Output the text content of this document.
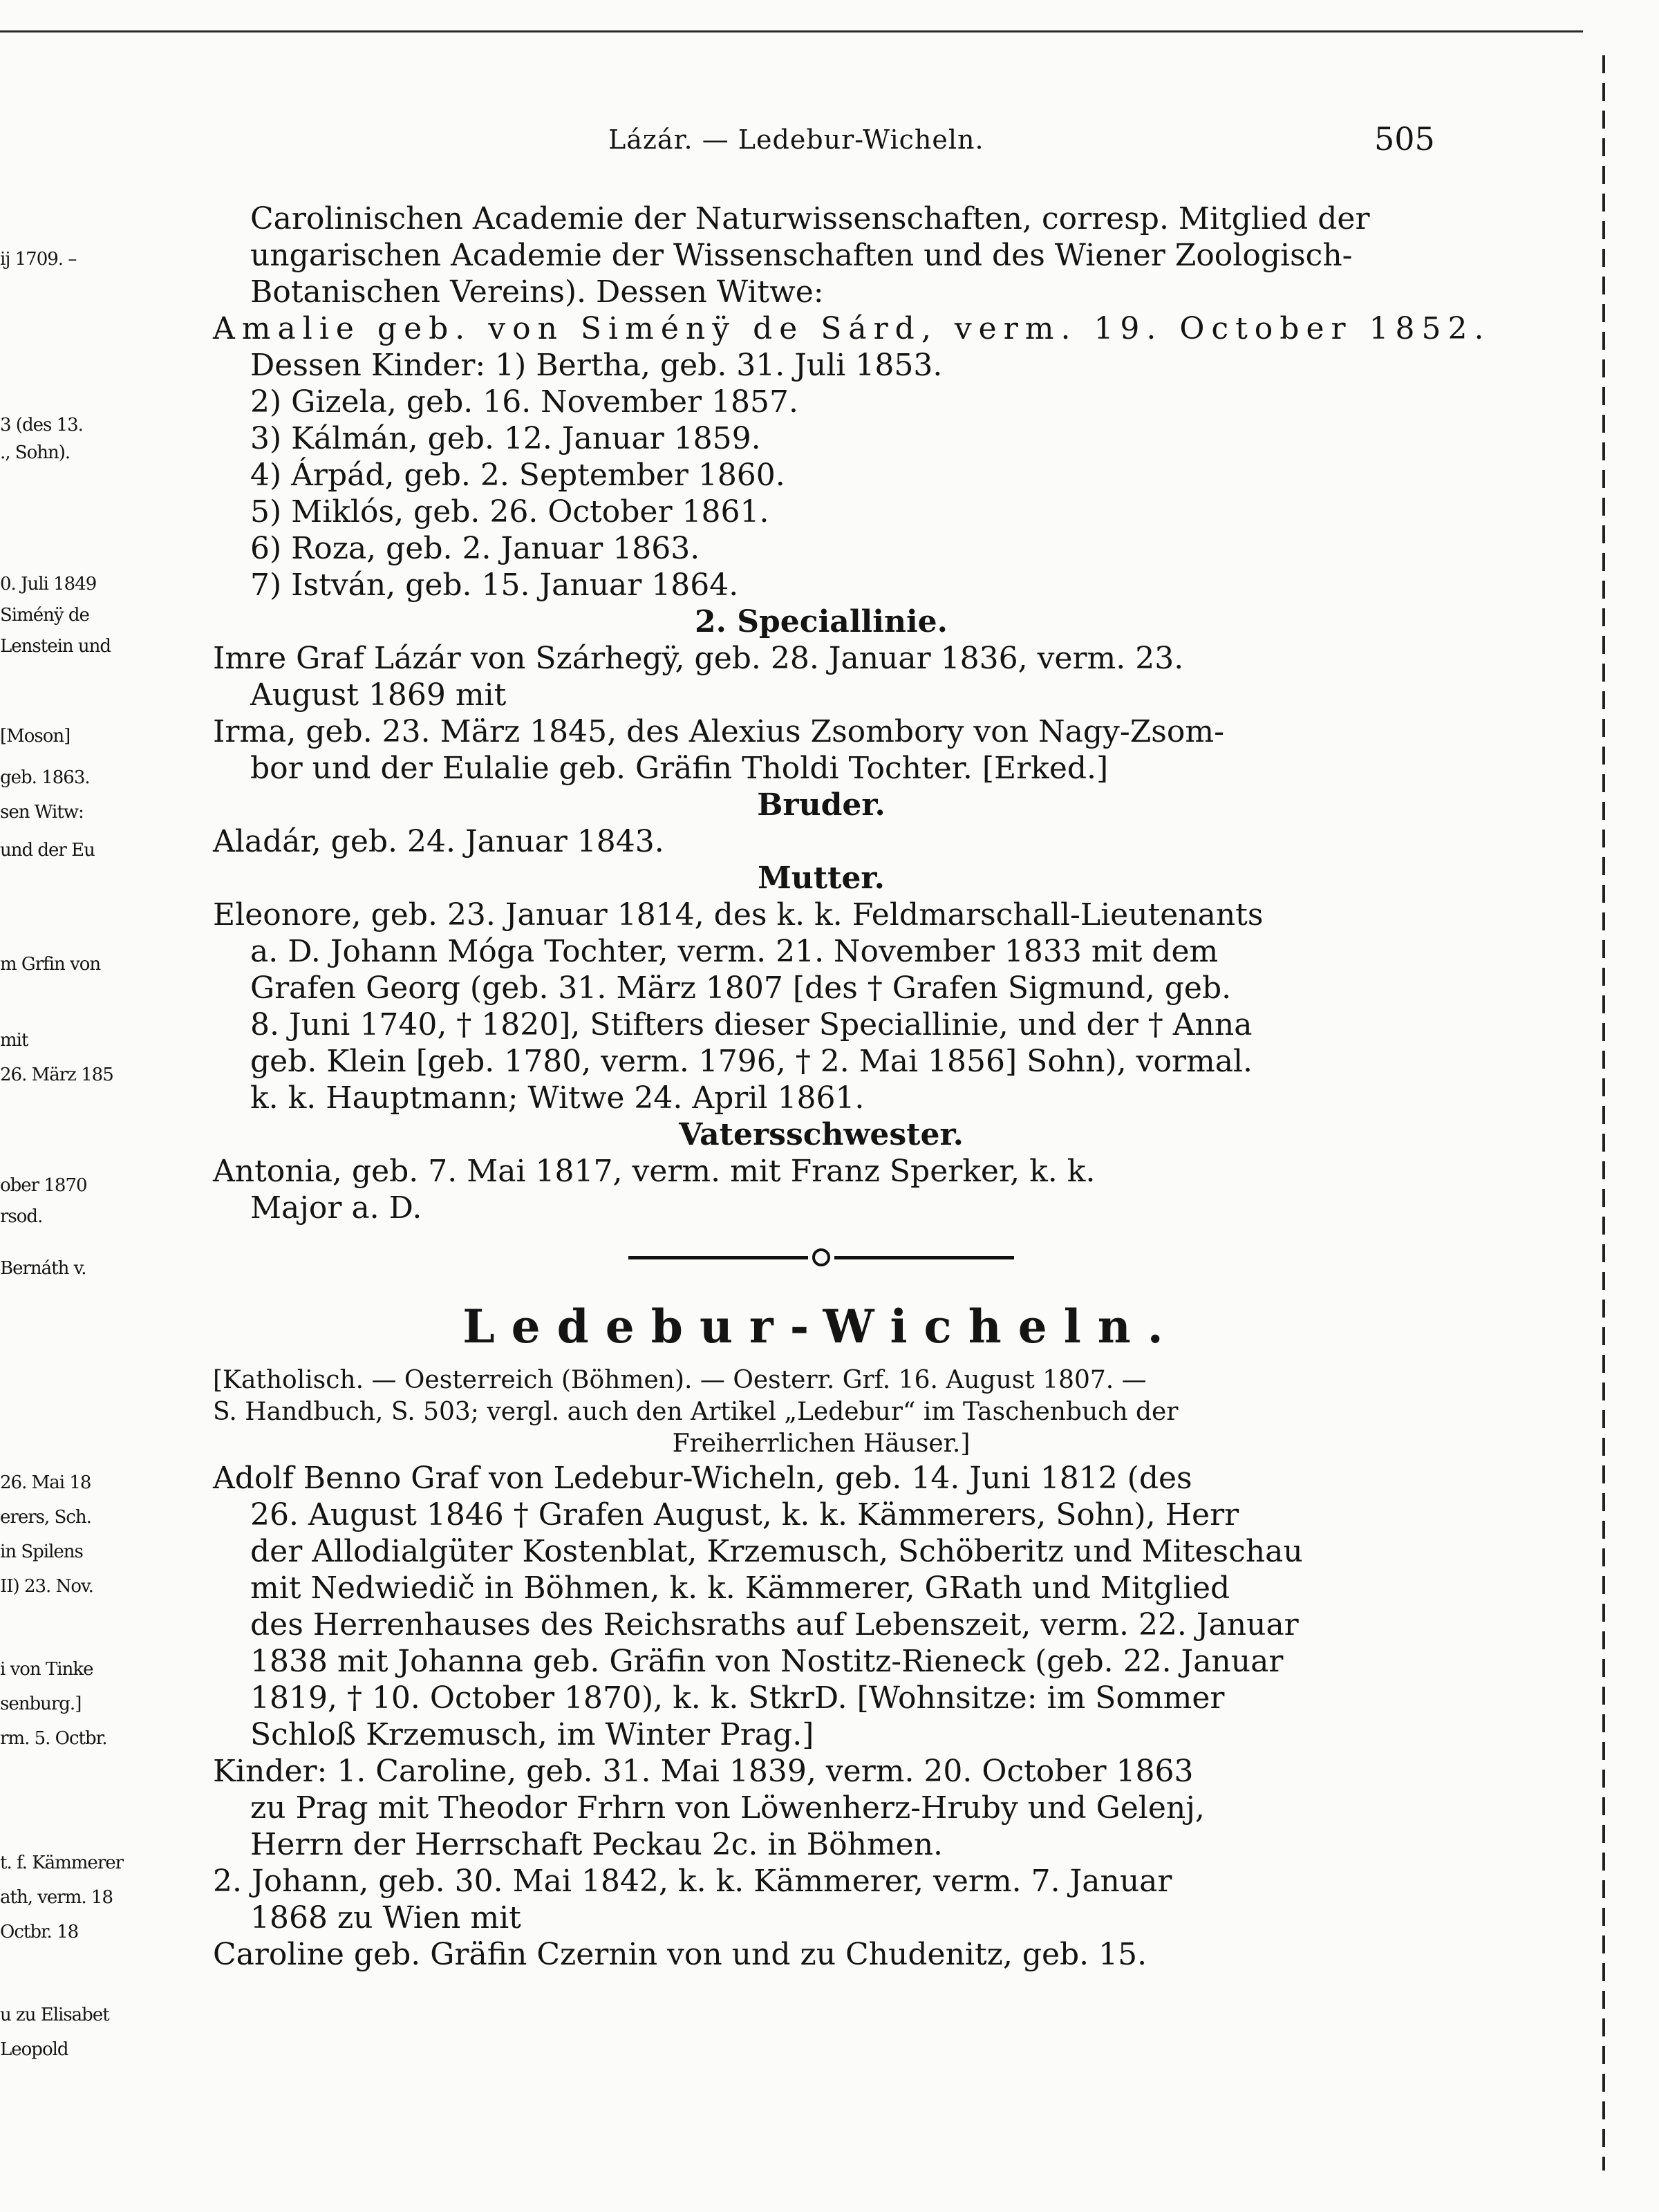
ij 1709. –
3 (des 13.
., Sohn).
0. Juli 1849
Siménÿ de
Lenstein und
[Moson]
geb. 1863.
sen Witw:
und der Eu
m Grfin von
mit
26. März 185
ober 1870
rsod.
Bernáth v.
26. Mai 18
erers, Sch.
in Spilens
II) 23. Nov.
i von Tinke
senburg.]
rm. 5. Octbr.
t. f. Kämmerer
ath, verm. 18
Octbr. 18
u zu Elisabet
Leopold
Lázár. — Ledebur-Wicheln.	505
Carolinischen Academie der Naturwissenschaften, corresp. Mitglied der
ungarischen Academie der Wissenschaften und des Wiener Zoologisch-
Botanischen Vereins). Dessen Witwe:
Amalie geb. von Siménÿ de Sárd, verm. 19. October 1852.
Dessen Kinder: 1) Bertha, geb. 31. Juli 1853.
2) Gizela, geb. 16. November 1857.
3) Kálmán, geb. 12. Januar 1859.
4) Árpád, geb. 2. September 1860.
5) Miklós, geb. 26. October 1861.
6) Roza, geb. 2. Januar 1863.
7) István, geb. 15. Januar 1864.
2. Speciallinie.
Imre Graf Lázár von Szárhegÿ, geb. 28. Januar 1836, verm. 23.
August 1869 mit
Irma, geb. 23. März 1845, des Alexius Zsombory von Nagy-Zsom-
bor und der Eulalie geb. Gräfin Tholdi Tochter. [Erked.]
Bruder.
Aladár, geb. 24. Januar 1843.
Mutter.
Eleonore, geb. 23. Januar 1814, des k. k. Feldmarschall-Lieutenants
a. D. Johann Móga Tochter, verm. 21. November 1833 mit dem
Grafen Georg (geb. 31. März 1807 [des † Grafen Sigmund, geb.
8. Juni 1740, † 1820], Stifters dieser Speciallinie, und der † Anna
geb. Klein [geb. 1780, verm. 1796, † 2. Mai 1856] Sohn), vormal.
k. k. Hauptmann; Witwe 24. April 1861.
Vatersschwester.
Antonia, geb. 7. Mai 1817, verm. mit Franz Sperker, k. k.
Major a. D.
Ledebur-Wicheln.
[Katholisch. — Oesterreich (Böhmen). — Oesterr. Grf. 16. August 1807. —
S. Handbuch, S. 503; vergl. auch den Artikel „Ledebur“ im Taschenbuch der
Freiherrlichen Häuser.]
Adolf Benno Graf von Ledebur-Wicheln, geb. 14. Juni 1812 (des
26. August 1846 † Grafen August, k. k. Kämmerers, Sohn), Herr
der Allodialgüter Kostenblat, Krzemusch, Schöberitz und Miteschau
mit Nedwiedič in Böhmen, k. k. Kämmerer, GRath und Mitglied
des Herrenhauses des Reichsraths auf Lebenszeit, verm. 22. Januar
1838 mit Johanna geb. Gräfin von Nostitz-Rieneck (geb. 22. Januar
1819, † 10. October 1870), k. k. StkrD. [Wohnsitze: im Sommer
Schloß Krzemusch, im Winter Prag.]
Kinder: 1. Caroline, geb. 31. Mai 1839, verm. 20. October 1863
zu Prag mit Theodor Frhrn von Löwenherz-Hruby und Gelenj,
Herrn der Herrschaft Peckau 2c. in Böhmen.
2. Johann, geb. 30. Mai 1842, k. k. Kämmerer, verm. 7. Januar
1868 zu Wien mit
Caroline geb. Gräfin Czernin von und zu Chudenitz, geb. 15.
